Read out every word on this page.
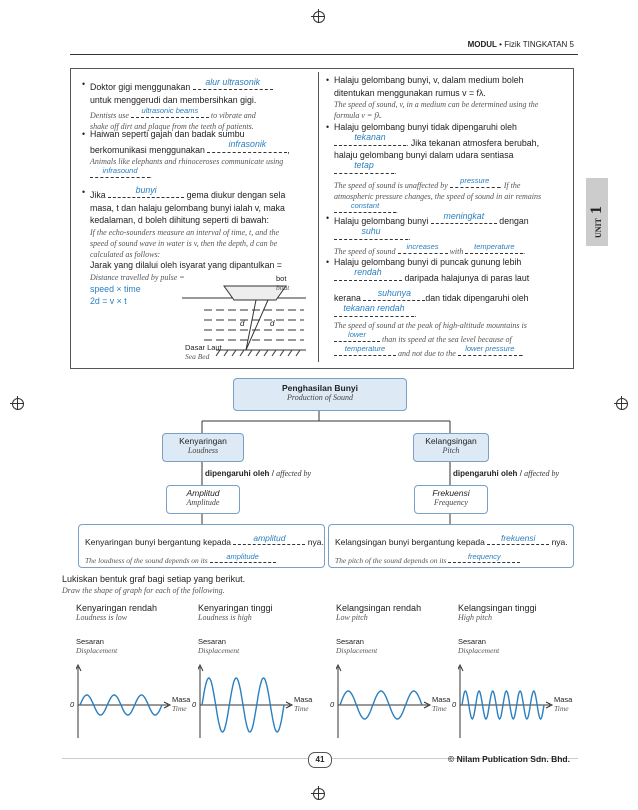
MODUL • Fizik TINGKATAN 5
UNIT 1
• Doktor gigi menggunakan
alur ultrasonik

untuk menggerudi dan membersihkan gigi.
Dentists use
ultrasonic beams
to vibrate and
shake off dirt and plaque from the teeth of patients.
• Haiwan seperti gajah dan badak sumbu
berkomunikasi menggunakan
infrasonik
,
Animals like elephants and rhinoceroses communicate using

infrasound
.
• Jika
bunyi
gema diukur dengan sela
masa, t dan halaju gelombang bunyi ialah v, maka
kedalaman, d boleh dihitung seperti di bawah:
If the echo-sounders measure an interval of time, t, and the
speed of sound wave in water is v, then the depth, d can be
calculated as follows:
Jarak yang dilalui oleh isyarat yang dipantulkan =
Distance travelled by pulse =
speed × time
2d = v × t
bot
boat
d	d
Dasar Laut
Sea Bed
• Halaju gelombang bunyi, v, dalam medium boleh
ditentukan menggunakan rumus v = fλ.
The speed of sound, v, in a medium can be determined using the
formula v = fλ.
• Halaju gelombang bunyi tidak dipengaruhi oleh

tekanan
. Jika tekanan atmosfera berubah,
halaju gelombang bunyi dalam udara sentiasa

tetap
.
The speed of sound is unaffected by
pressure
. If the
atmospheric pressure changes, the speed of sound in air remains

constant
.
• Halaju gelombang bunyi
meningkat
dengan

suhu
.
The speed of sound
increases
with
temperature
.
• Halaju gelombang bunyi di puncak gunung lebih

rendah
daripada halajunya di paras laut

kerana
suhunya
dan tidak dipengaruhi oleh

tekanan rendah
.
The speed of sound at the peak of high-altitude mountains is

lower
than its speed at the sea level because of

temperature
and not due to the
lower pressure
.
Penghasilan Bunyi
Production of Sound
Kenyaringan
Loudness
Kelangsingan
Pitch
dipengaruhi oleh / affected by	dipengaruhi oleh / affected by
Amplitud
Amplitude
Frekuensi
Frequency
Kenyaringan bunyi bergantung kepada	amplitud	nya.
The loudness of the sound depends on its	amplitude
Kelangsingan bunyi bergantung kepada	frekuensi	nya.
The pitch of the sound depends on its	frequency
Lukiskan bentuk graf bagi setiap yang berikut.
Draw the shape of graph for each of the following.
Kenyaringan rendah
Loudness is low
Sesaran
Displacement
0
Masa
Time
Kenyaringan tinggi
Loudness is high
Sesaran
Displacement
0
Masa
Time
Kelangsingan rendah
Low pitch
Sesaran
Displacement
0
Masa
Time
Kelangsingan tinggi
High pitch
Sesaran
Displacement
0
Masa
Time
41	© Nilam Publication Sdn. Bhd.
